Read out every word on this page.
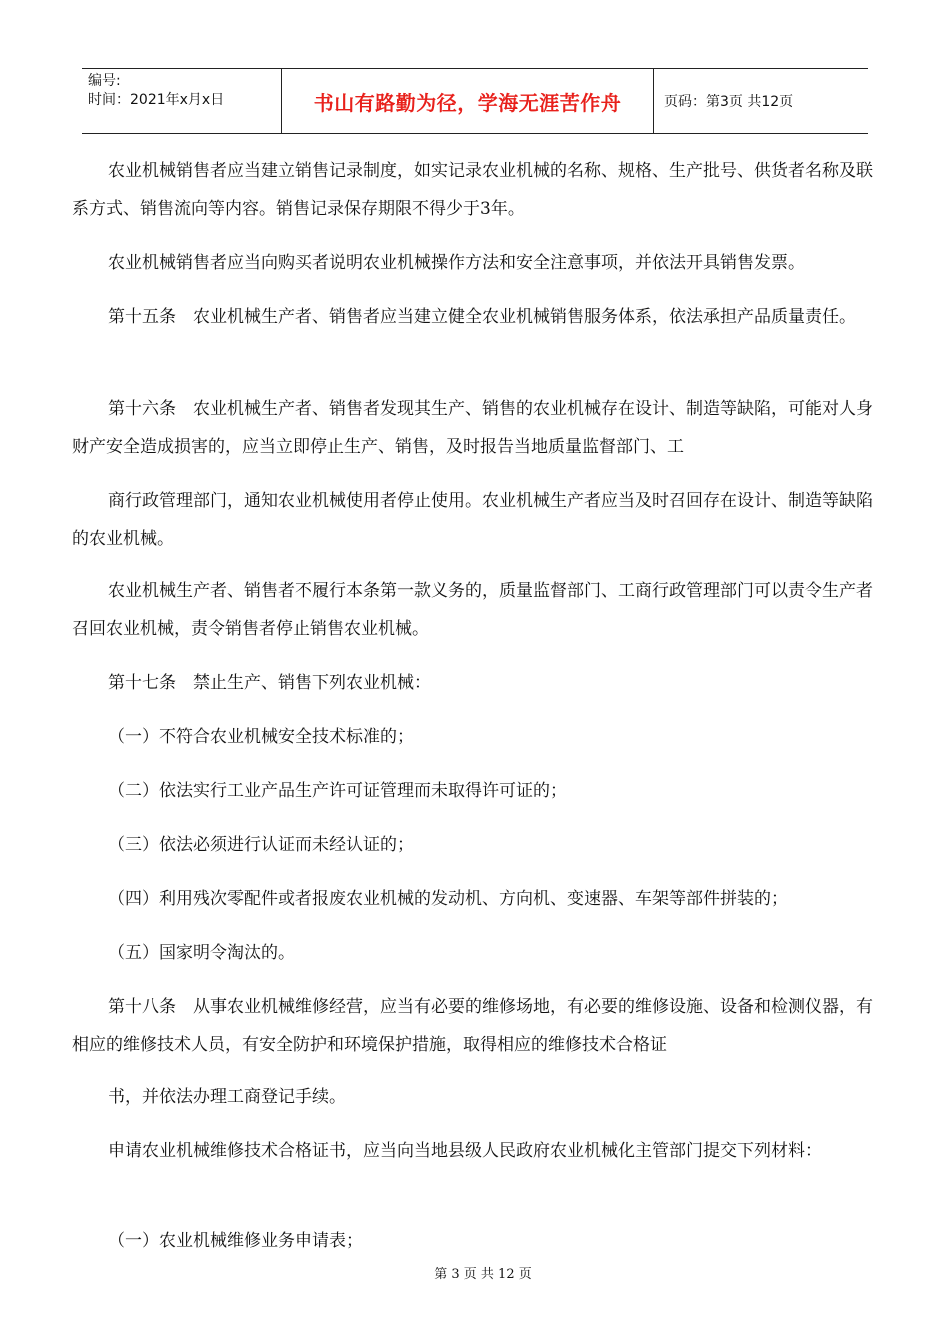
编号:
时间：2021年x月x日	书山有路勤为径，学海无涯苦作舟	页码：第3页 共12页

农业机械销售者应当建立销售记录制度，如实记录农业机械的名称、规格、生产批号、供货者名称及联系方式、销售流向等内容。销售记录保存期限不得少于3年。

农业机械销售者应当向购买者说明农业机械操作方法和安全注意事项，并依法开具销售发票。

第十五条　农业机械生产者、销售者应当建立健全农业机械销售服务体系，依法承担产品质量责任。

第十六条　农业机械生产者、销售者发现其生产、销售的农业机械存在设计、制造等缺陷，可能对人身财产安全造成损害的，应当立即停止生产、销售，及时报告当地质量监督部门、工

商行政管理部门，通知农业机械使用者停止使用。农业机械生产者应当及时召回存在设计、制造等缺陷的农业机械。

农业机械生产者、销售者不履行本条第一款义务的，质量监督部门、工商行政管理部门可以责令生产者召回农业机械，责令销售者停止销售农业机械。

第十七条　禁止生产、销售下列农业机械：

（一）不符合农业机械安全技术标准的；

（二）依法实行工业产品生产许可证管理而未取得许可证的；

（三）依法必须进行认证而未经认证的；

（四）利用残次零配件或者报废农业机械的发动机、方向机、变速器、车架等部件拼装的；

（五）国家明令淘汰的。

第十八条　从事农业机械维修经营，应当有必要的维修场地，有必要的维修设施、设备和检测仪器，有相应的维修技术人员，有安全防护和环境保护措施，取得相应的维修技术合格证

书，并依法办理工商登记手续。

申请农业机械维修技术合格证书，应当向当地县级人民政府农业机械化主管部门提交下列材料：

（一）农业机械维修业务申请表；

第 3 页 共 12 页
